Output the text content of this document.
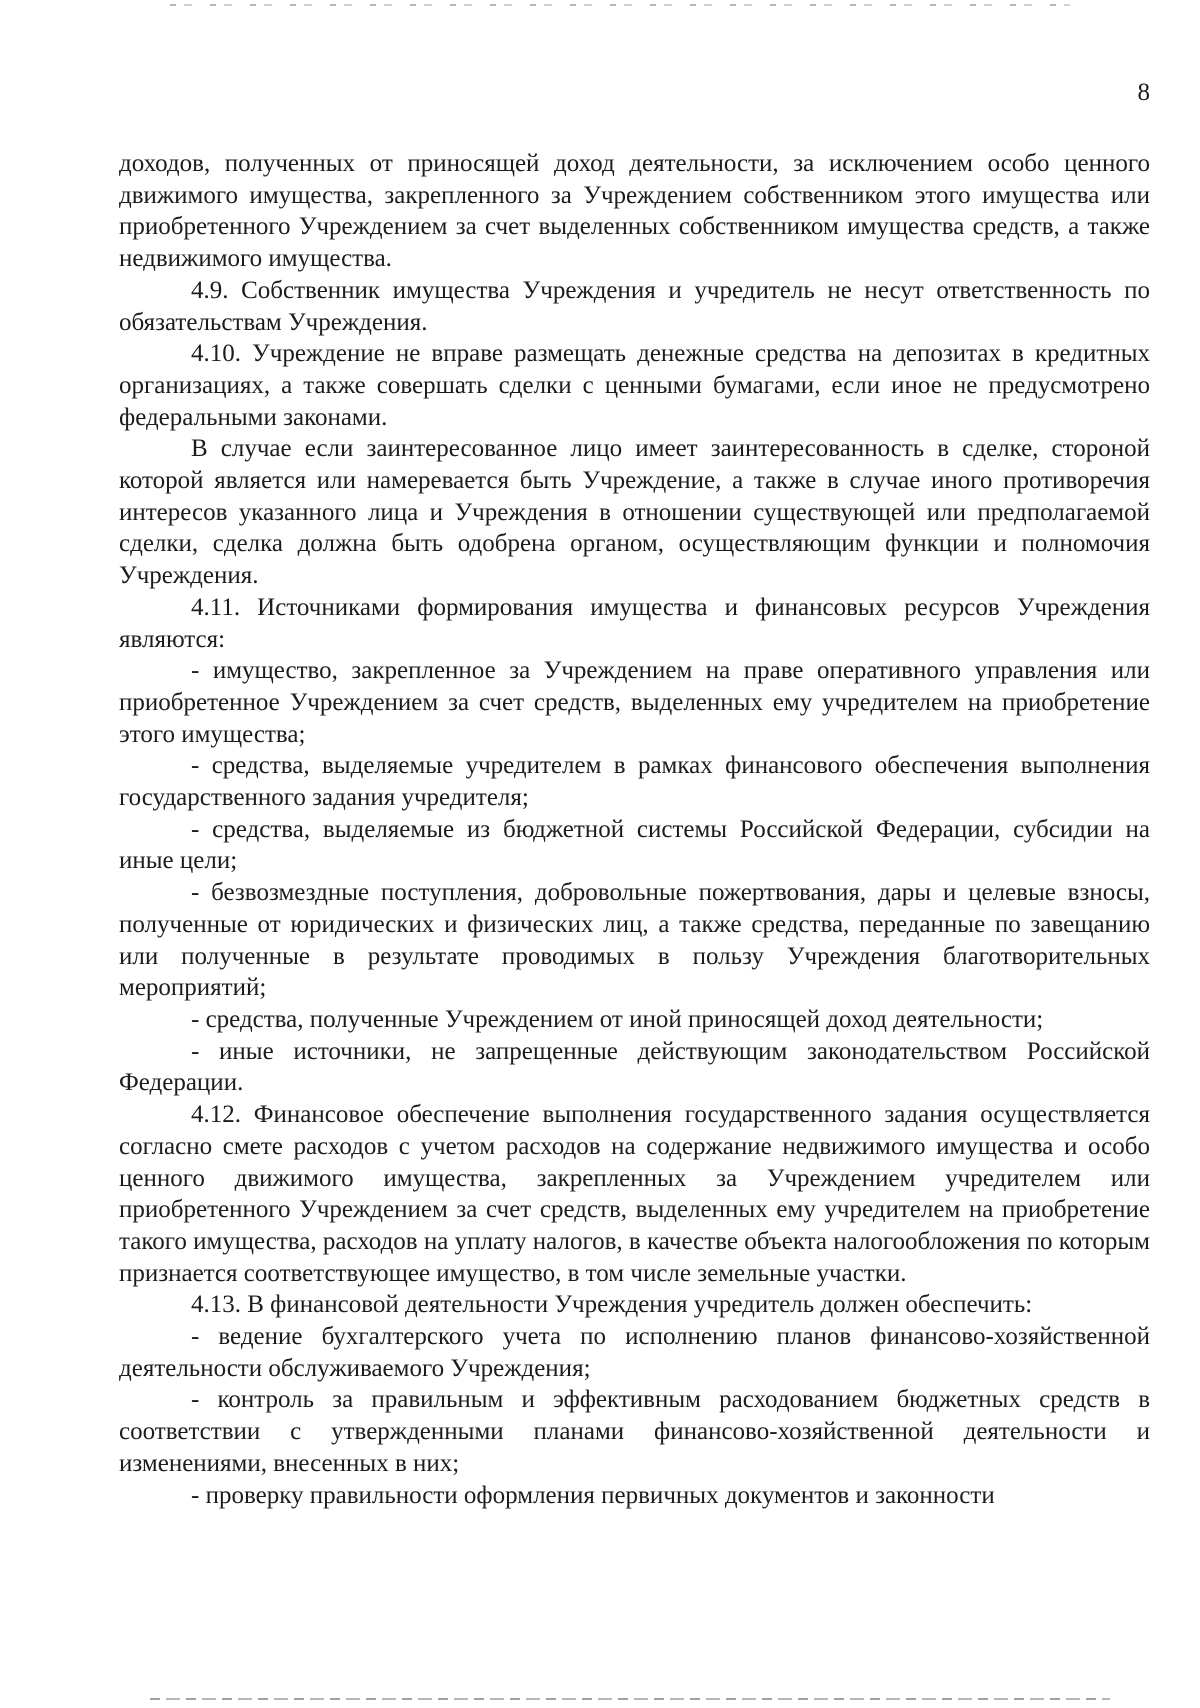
8

доходов, полученных от приносящей доход деятельности, за исключением особо ценного движимого имущества, закрепленного за Учреждением собственником этого имущества или приобретенного Учреждением за счет выделенных собственником имущества средств, а также недвижимого имущества.

4.9. Собственник имущества Учреждения и учредитель не несут ответственность по обязательствам Учреждения.

4.10. Учреждение не вправе размещать денежные средства на депозитах в кредитных организациях, а также совершать сделки с ценными бумагами, если иное не предусмотрено федеральными законами.

В случае если заинтересованное лицо имеет заинтересованность в сделке, стороной которой является или намеревается быть Учреждение, а также в случае иного противоречия интересов указанного лица и Учреждения в отношении существующей или предполагаемой сделки, сделка должна быть одобрена органом, осуществляющим функции и полномочия Учреждения.

4.11. Источниками формирования имущества и финансовых ресурсов Учреждения являются:

- имущество, закрепленное за Учреждением на праве оперативного управления или приобретенное Учреждением за счет средств, выделенных ему учредителем на приобретение этого имущества;

- средства, выделяемые учредителем в рамках финансового обеспечения выполнения государственного задания учредителя;

- средства, выделяемые из бюджетной системы Российской Федерации, субсидии на иные цели;

- безвозмездные поступления, добровольные пожертвования, дары и целевые взносы, полученные от юридических и физических лиц, а также средства, переданные по завещанию или полученные в результате проводимых в пользу Учреждения благотворительных мероприятий;

- средства, полученные Учреждением от иной приносящей доход деятельности;

- иные источники, не запрещенные действующим законодательством Российской Федерации.

4.12. Финансовое обеспечение выполнения государственного задания осуществляется согласно смете расходов с учетом расходов на содержание недвижимого имущества и особо ценного движимого имущества, закрепленных за Учреждением учредителем или приобретенного Учреждением за счет средств, выделенных ему учредителем на приобретение такого имущества, расходов на уплату налогов, в качестве объекта налогообложения по которым признается соответствующее имущество, в том числе земельные участки.

4.13. В финансовой деятельности Учреждения учредитель должен обеспечить:

- ведение бухгалтерского учета по исполнению планов финансово-хозяйственной деятельности обслуживаемого Учреждения;

- контроль за правильным и эффективным расходованием бюджетных средств в соответствии с утвержденными планами финансово-хозяйственной деятельности и изменениями, внесенных в них;

- проверку правильности оформления первичных документов и законности
